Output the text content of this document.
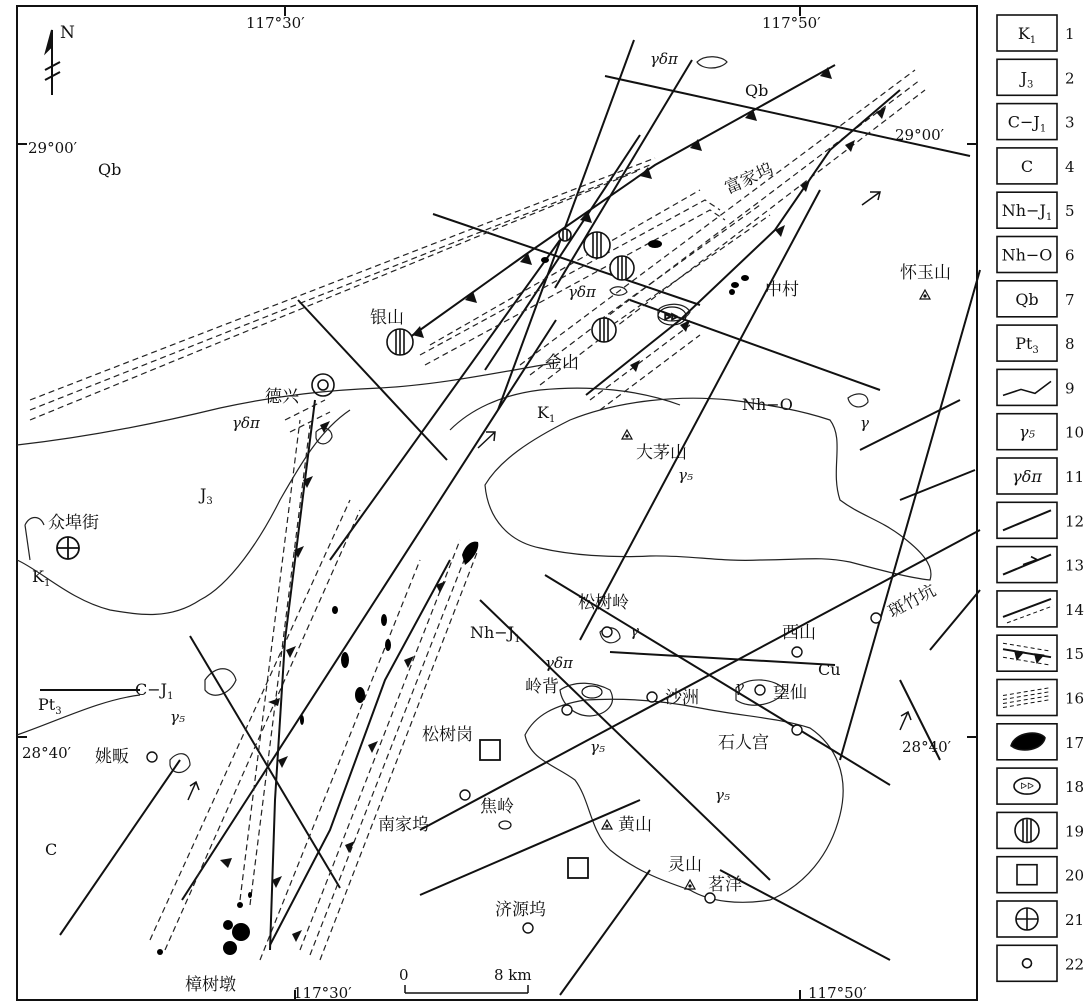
117°30′	117°50′
117°30′	117°50′
29°00′
29°00′
28°40′	28°40′
N
ᐅᐅ
0	8 km
富家坞
银山
金山
德兴
中村
怀玉山
大茅山
众埠街
松树岭
西山
斑竹坑
岭背
沙洲	望仙
石人宫
松树岗
南家坞
焦岭
黄山
姚畈
灵山
茗洋
济源坞
樟树墩
Qb
Qb
$J_3$
$K_1$
$K_1$
Nh−O
$Nh-J_1$
$Pt_3$
$C-J_1$
C
Cu
γδπ
γδπ
γδπ
γδπ
γ₅
γ₅
γ₅
γ₅
γ
γ
γ
$K_1$ 1
$J_3$ 2
$C-J_1$ 3
C 4
$Nh-J_1$ 5
Nh−O 6
Qb 7
$Pt_3$ 8
9
γ₅ 10
γδπ 11
12
13
14
15
16
17
ᐅᐅ 18
19
20
21
22
